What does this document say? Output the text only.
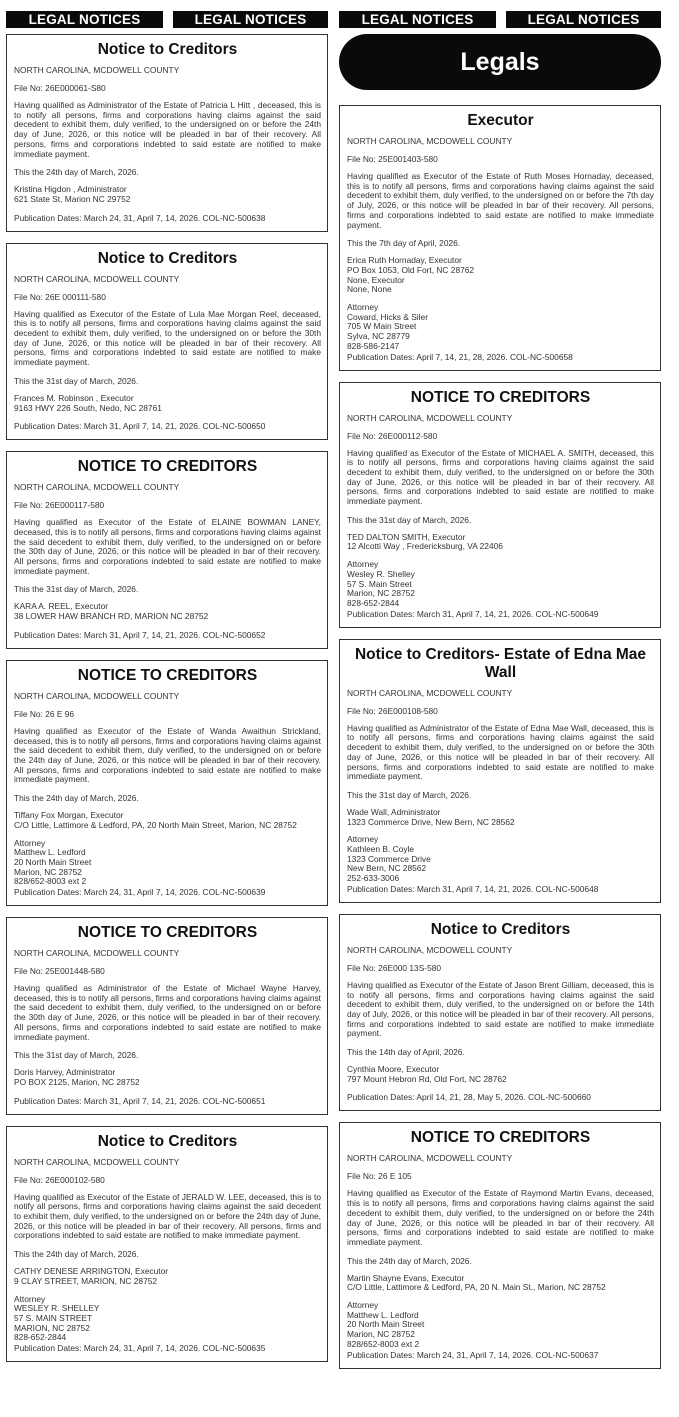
LEGAL NOTICES	LEGAL NOTICES	LEGAL NOTICES	LEGAL NOTICES
Notice to Creditors
NORTH CAROLINA, MCDOWELL COUNTY
File No: 26E000061-S80
Having qualified as Administrator of the Estate of Patricia L Hitt , deceased, this is to notify all persons, firms and corporations having claims against the said decedent to exhibit them, duly verified, to the undersigned on or before the 24th day of June, 2026, or this notice will be pleaded in bar of their recovery. All persons, firms and corporations indebted to said estate are notified to make immediate payment.
This the 24th day of March, 2026.
Kristina Higdon , Administrator
621 State St, Marion NC 29752
Publication Dates: March 24, 31, April 7, 14, 2026. COL-NC-500638
Notice to Creditors
NORTH CAROLINA, MCDOWELL COUNTY
File No: 26E 000111-580
Having qualified as Executor of the Estate of Lula Mae Morgan Reel, deceased, this is to notify all persons, firms and corporations having claims against the said decedent to exhibit them, duly verified, to the undersigned on or before the 30th day of June, 2026, or this notice will be pleaded in bar of their recovery. All persons, firms and corporations indebted to said estate are notified to make immediate payment.
This the 31st day of March, 2026.
Frances M. Robinson , Executor
9163 HWY 226 South, Nedo, NC 28761
Publication Dates: March 31, April 7, 14, 21, 2026. COL-NC-500650
NOTICE TO CREDITORS
NORTH CAROLINA, MCDOWELL COUNTY
File No: 26E000117-580
Having qualified as Executor of the Estate of ELAINE BOWMAN LANEY, deceased, this is to notify all persons, firms and corporations having claims against the said decedent to exhibit them, duly verified, to the undersigned on or before the 30th day of June, 2026, or this notice will be pleaded in bar of their recovery. All persons, firms and corporations indebted to said estate are notified to make immediate payment.
This the 31st day of March, 2026.
KARA A. REEL, Executor
38 LOWER HAW BRANCH RD, MARION NC 28752
Publication Dates: March 31, April 7, 14, 21, 2026. COL-NC-500652
NOTICE TO CREDITORS
NORTH CAROLINA, MCDOWELL COUNTY
File No: 26 E 96
Having qualified as Executor of the Estate of Wanda Awaithun Strickland, deceased, this is to notify all persons, firms and corporations having claims against the said decedent to exhibit them, duly verified, to the undersigned on or before the 24th day of June, 2026, or this notice will be pleaded in bar of their recovery. All persons, firms and corporations indebted to said estate are notified to make immediate payment.
This the 24th day of March, 2026.
Tiffany Fox Morgan, Executor
C/O Little, Lattimore & Ledford, PA, 20 North Main Street, Marion, NC 28752
Attorney
Matthew L. Ledford
20 North Main Street
Marion, NC 28752
828/652-8003 ext 2
Publication Dates: March 24, 31, April 7, 14, 2026. COL-NC-500639
NOTICE TO CREDITORS
NORTH CAROLINA, MCDOWELL COUNTY
File No: 25E001448-580
Having qualified as Administrator of the Estate of Michael Wayne Harvey, deceased, this is to notify all persons, firms and corporations having claims against the said decedent to exhibit them, duly verified, to the undersigned on or before the 30th day of June, 2026, or this notice will be pleaded in bar of their recovery. All persons, firms and corporations indebted to said estate are notified to make immediate payment.
This the 31st day of March, 2026.
Doris Harvey, Administrator
PO BOX 2125, Marion, NC 28752
Publication Dates: March 31, April 7, 14, 21, 2026. COL-NC-500651
Notice to Creditors
NORTH CAROLINA, MCDOWELL COUNTY
File No: 26E000102-580
Having qualified as Executor of the Estate of JERALD W. LEE, deceased, this is to notify all persons, firms and corporations having claims against the said decedent to exhibit them, duly verified, to the undersigned on or before the 24th day of June, 2026, or this notice will be pleaded in bar of their recovery. All persons, firms and corporations indebted to said estate are notified to make immediate payment.
This the 24th day of March, 2026.
CATHY DENESE ARRINGTON, Executor
9 CLAY STREET, MARION, NC 28752
Attorney
WESLEY R. SHELLEY
57 S. MAIN STREET
MARION, NC 28752
828-652-2844
Publication Dates: March 24, 31, April 7, 14, 2026. COL-NC-500635
Legals
Executor
NORTH CAROLINA, MCDOWELL COUNTY
File No: 25E001403-580
Having qualified as Executor of the Estate of Ruth Moses Hornaday, deceased, this is to notify all persons, firms and corporations having claims against the said decedent to exhibit them, duly verified, to the undersigned on or before the 7th day of July, 2026, or this notice will be pleaded in bar of their recovery. All persons, firms and corporations indebted to said estate are notified to make immediate payment.
This the 7th day of April, 2026.
Erica Ruth Hornaday, Executor
PO Box 1053, Old Fort, NC 28762
None, Executor
None, None
Attorney
Coward, Hicks & Siler
705 W Main Street
Sylva, NC 28779
828-586-2147
Publication Dates: April 7, 14, 21, 28, 2026. COL-NC-500658
NOTICE TO CREDITORS
NORTH CAROLINA, MCDOWELL COUNTY
File No: 26E000112-580
Having qualified as Executor of the Estate of MICHAEL A. SMITH, deceased, this is to notify all persons, firms and corporations having claims against the said decedent to exhibit them, duly verified, to the undersigned on or before the 30th day of June, 2026, or this notice will be pleaded in bar of their recovery. All persons, firms and corporations indebted to said estate are notified to make immediate payment.
This the 31st day of March, 2026.
TED DALTON SMITH, Executor
12 Alcotti Way , Fredericksburg, VA 22406
Attorney
Wesley R. Shelley
57 S. Main Street
Marion, NC 28752
828-652-2844
Publication Dates: March 31, April 7, 14, 21, 2026. COL-NC-500649
Notice to Creditors- Estate of Edna Mae Wall
NORTH CAROLINA, MCDOWELL COUNTY
File No: 26E000108-580
Having qualified as Administrator of the Estate of Edna Mae Wall, deceased, this is to notify all persons, firms and corporations having claims against the said decedent to exhibit them, duly verified, to the undersigned on or before the 30th day of June, 2026, or this notice will be pleaded in bar of their recovery. All persons, firms and corporations indebted to said estate are notified to make immediate payment.
This the 31st day of March, 2026.
Wade Wall, Administrator
1323 Commerce Drive, New Bern, NC 28562
Attorney
Kathleen B. Coyle
1323 Commerce Drive
New Bern, NC 28562
252-633-3006
Publication Dates: March 31, April 7, 14, 21, 2026. COL-NC-500648
Notice to Creditors
NORTH CAROLINA, MCDOWELL COUNTY
File No: 26E000 13S-580
Having qualified as Executor of the Estate of Jason Brent Gilliam, deceased, this is to notify all persons, firms and corporations having claims against the said decedent to exhibit them, duly verified, to the undersigned on or before the 14th day of July, 2026, or this notice will be pleaded in bar of their recovery. All persons, firms and corporations indebted to said estate are notified to make immediate payment.
This the 14th day of April, 2026.
Cynthia Moore, Executor
797 Mount Hebron Rd, Old Fort, NC 28762
Publication Dates: April 14, 21, 28, May 5, 2026. COL-NC-500660
NOTICE TO CREDITORS
NORTH CAROLINA, MCDOWELL COUNTY
File No: 26 E 105
Having qualified as Executor of the Estate of Raymond Martin Evans, deceased, this is to notify all persons, firms and corporations having claims against the said decedent to exhibit them, duly verified, to the undersigned on or before the 24th day of June, 2026, or this notice will be pleaded in bar of their recovery. All persons, firms and corporations indebted to said estate are notified to make immediate payment.
This the 24th day of March, 2026.
Martin Shayne Evans, Executor
C/O Little, Lattimore & Ledford, PA, 20 N. Main St., Marion, NC 28752
Attorney
Matthew L. Ledford
20 North Main Street
Marion, NC 28752
828/652-8003 ext 2
Publication Dates: March 24, 31, April 7, 14, 2026. COL-NC-500637
